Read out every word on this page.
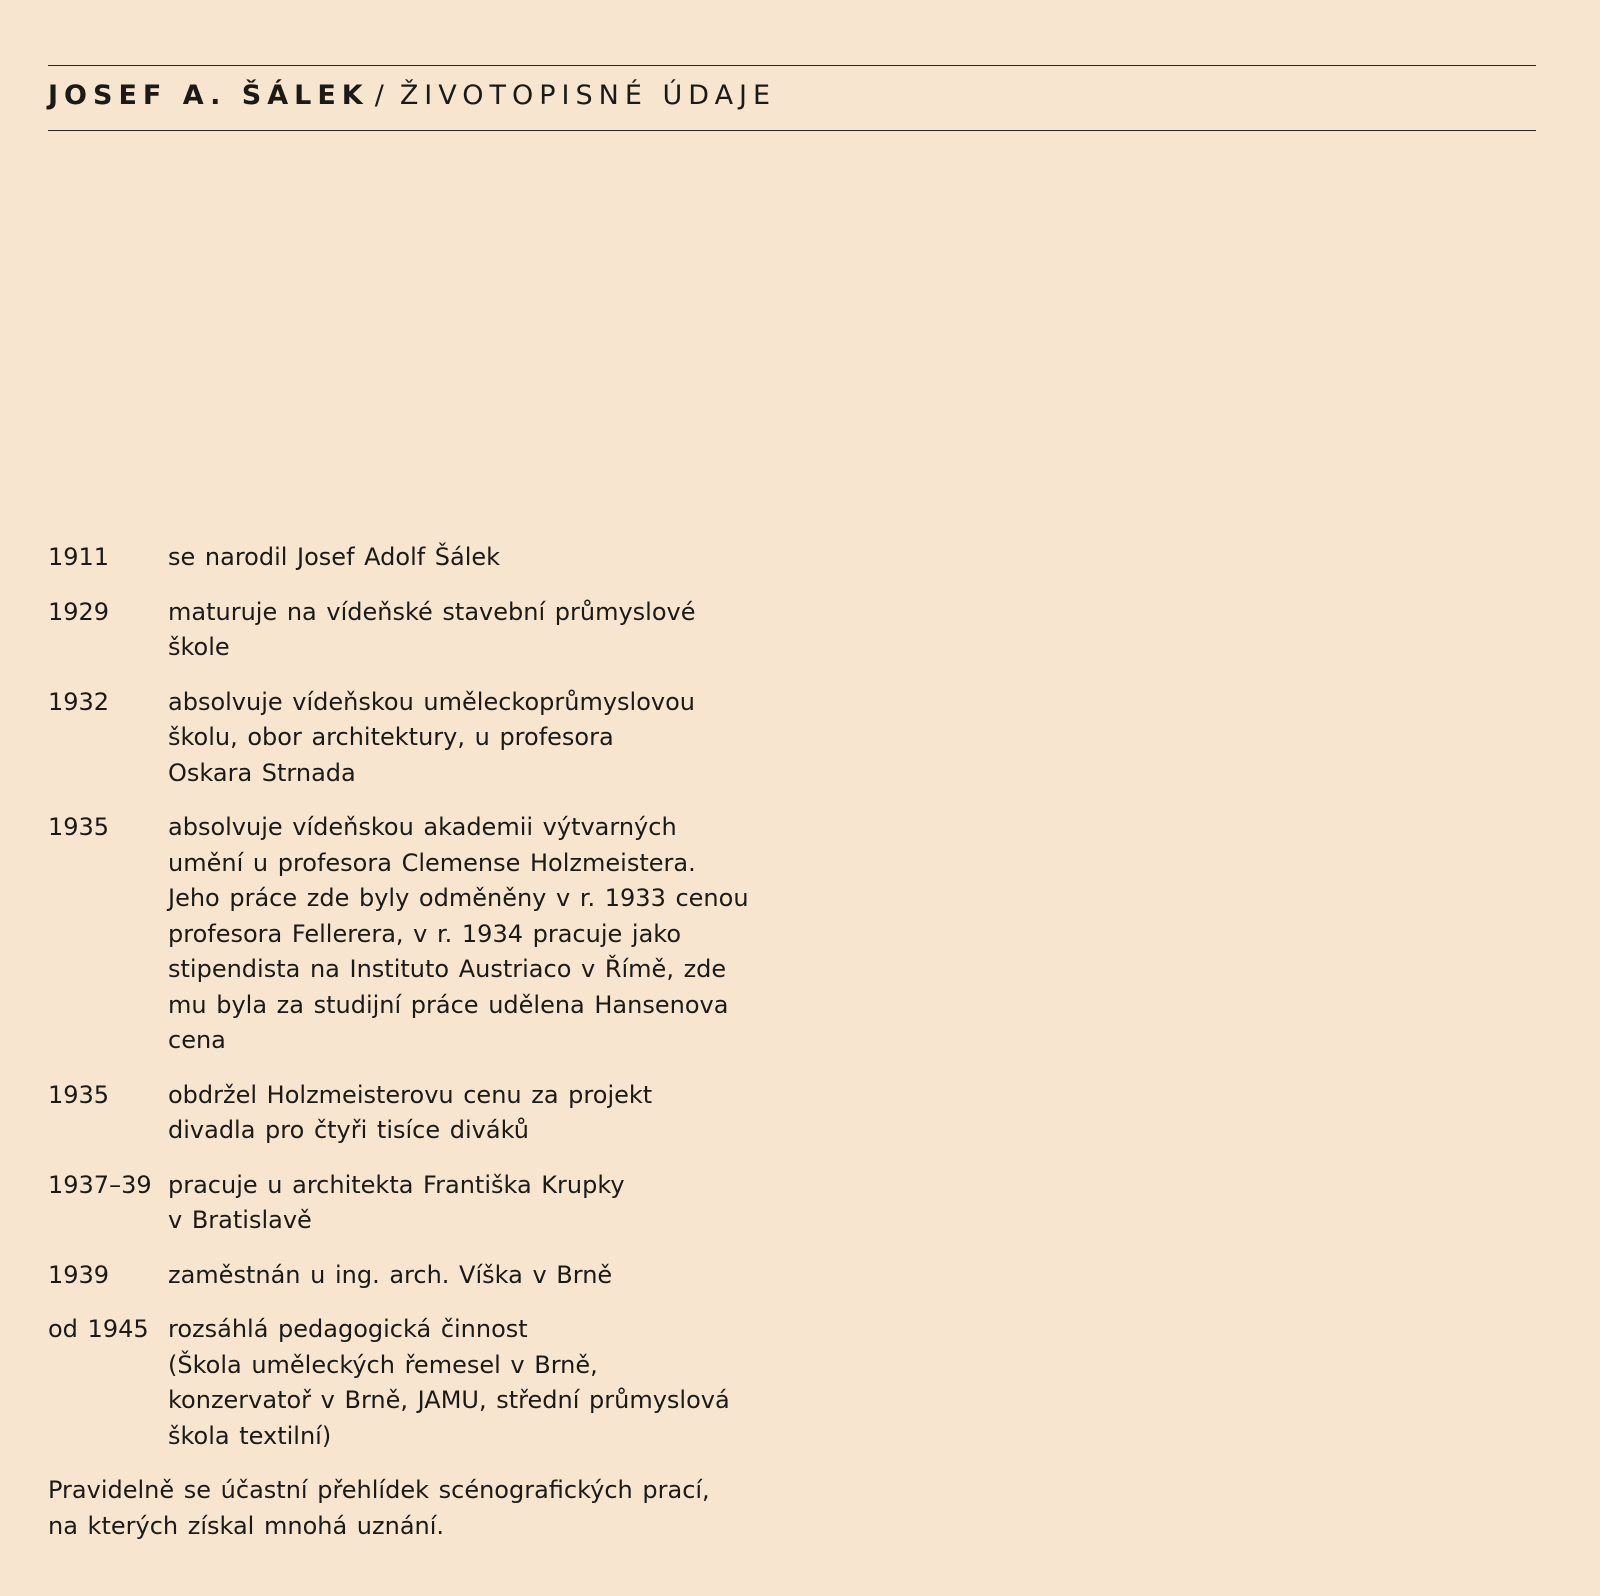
JOSEF A. ŠÁLEK / ŽIVOTOPISNÉ ÚDAJE
1911	se narodil Josef Adolf Šálek
1929	maturuje na vídeňské stavební průmyslové
škole
1932	absolvuje vídeňskou uměleckoprůmyslovou
školu, obor architektury, u profesora
Oskara Strnada
1935	absolvuje vídeňskou akademii výtvarných
umění u profesora Clemense Holzmeistera.
Jeho práce zde byly odměněny v r. 1933 cenou
profesora Fellerera, v r. 1934 pracuje jako
stipendista na Instituto Austriaco v Římě, zde
mu byla za studijní práce udělena Hansenova
cena
1935	obdržel Holzmeisterovu cenu za projekt
divadla pro čtyři tisíce diváků
1937–39 pracuje u architekta Františka Krupky
v Bratislavě
1939	zaměstnán u ing. arch. Víška v Brně
od 1945 rozsáhlá pedagogická činnost
(Škola uměleckých řemesel v Brně,
konzervatoř v Brně, JAMU, střední průmyslová
škola textilní)
Pravidelně se účastní přehlídek scénografických prací,
na kterých získal mnohá uznání.
